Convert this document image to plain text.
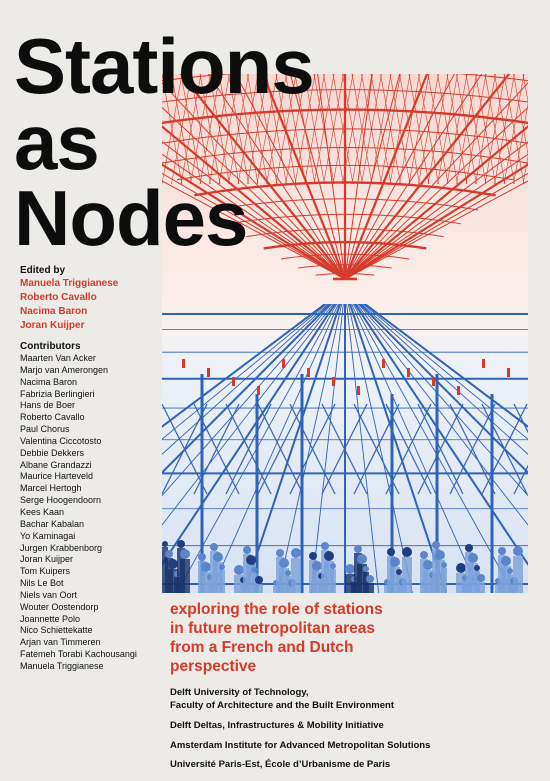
Stations
as
Nodes

Edited by

Manuela Triggianese

Roberto Cavallo

Nacima Baron

Joran Kuijper

Contributors

Maarten Van Acker
Marjo van Amerongen
Nacima Baron
Fabrizia Berlingieri
Hans de Boer
Roberto Cavallo
Paul Chorus
Valentina Ciccotosto
Debbie Dekkers
Albane Grandazzi
Maurice Harteveld
Marcel Hertogh
Serge Hoogendoorn
Kees Kaan
Bachar Kabalan
Yo Kaminagai
Jurgen Krabbenborg
Joran Kuijper
Tom Kuipers
Nils Le Bot
Niels van Oort
Wouter Oostendorp
Joannette Polo
Nico Schiettekatte
Arjan van Timmeren
Fatemeh Torabi Kachousangi
Manuela Triggianese
exploring the role of stations
in future metropolitan areas
from a French and Dutch
perspective
Delft University of Technology,
Faculty of Architecture and the Built Environment
Delft Deltas, Infrastructures & Mobility Initiative
Amsterdam Institute for Advanced Metropolitan Solutions
Université Paris-Est, École d’Urbanisme de Paris
